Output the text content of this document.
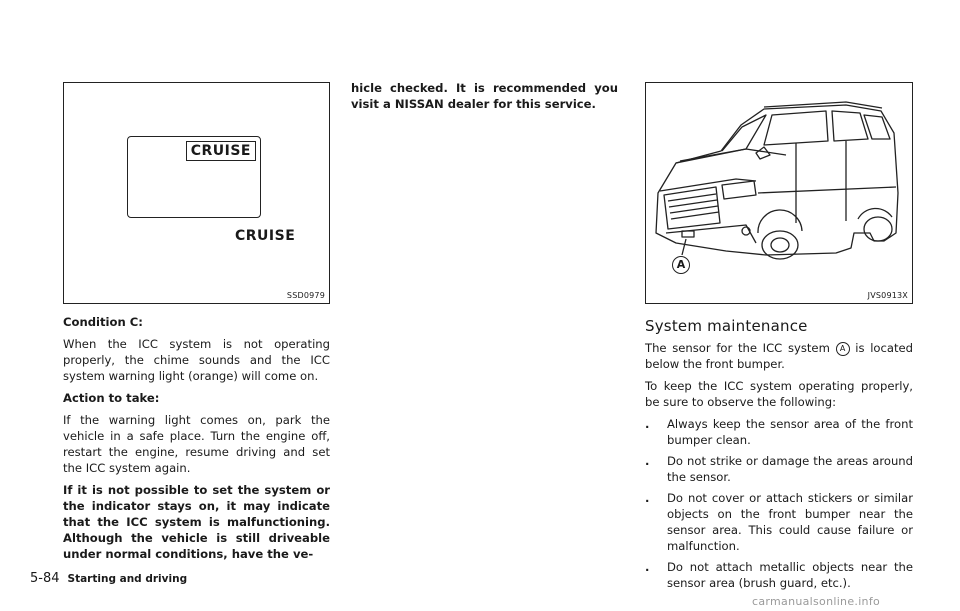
CRUISE
CRUISE
SSD0979

Condition C:

When the ICC system is not operating properly, the chime sounds and the ICC system warning light (orange) will come on.

Action to take:

If the warning light comes on, park the vehicle in a safe place. Turn the engine off, restart the engine, resume driving and set the ICC system again.

If it is not possible to set the system or the indicator stays on, it may indicate that the ICC system is malfunctioning. Although the vehicle is still driveable under normal conditions, have the ve-

hicle checked. It is recommended you visit a NISSAN dealer for this service.

A
JVS0913X
System maintenance

The sensor for the ICC system A is located below the front bumper.

To keep the ICC system operating properly, be sure to observe the following:

. Always keep the sensor area of the front bumper clean.
. Do not strike or damage the areas around the sensor.
. Do not cover or attach stickers or similar objects on the front bumper near the sensor area. This could cause failure or malfunction.
. Do not attach metallic objects near the sensor area (brush guard, etc.).
5-84 Starting and driving
carmanualsonline.info
